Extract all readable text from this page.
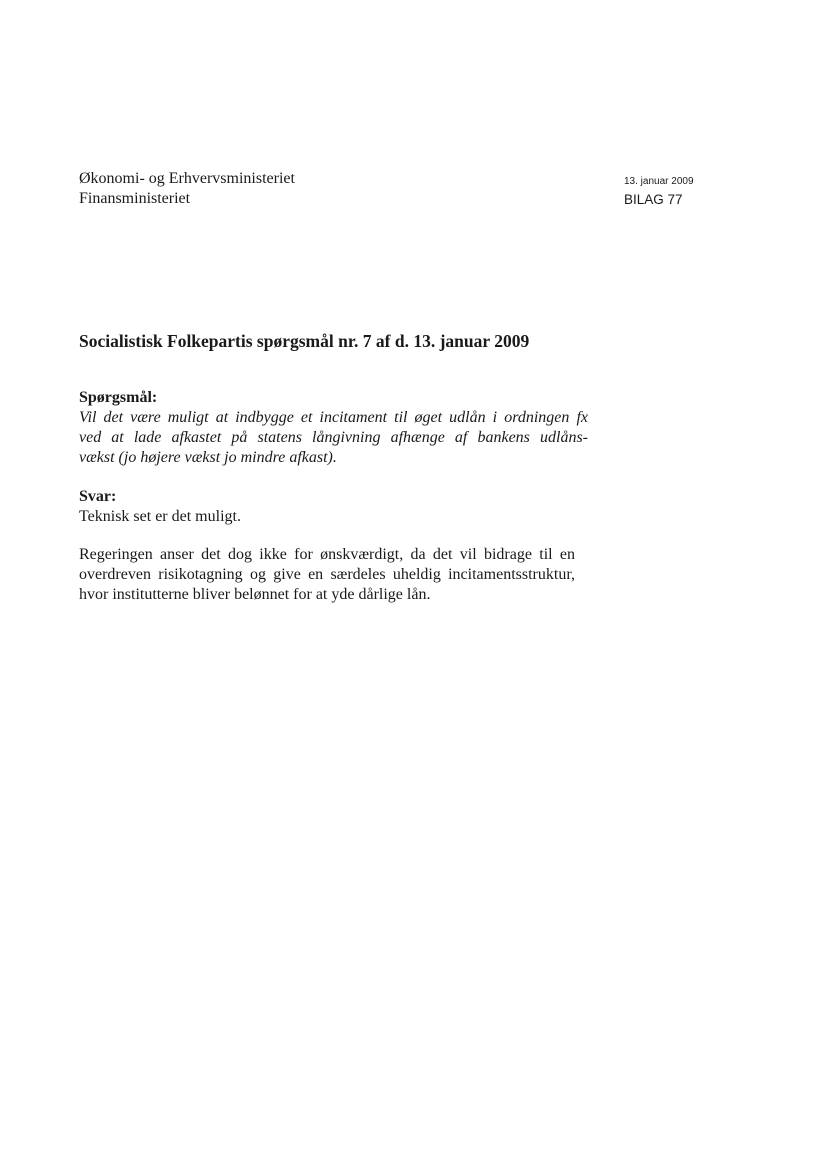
Økonomi- og Erhvervsministeriet
Finansministeriet
13. januar 2009
BILAG 77
Socialistisk Folkepartis spørgsmål nr. 7 af d. 13. januar 2009
Spørgsmål:
Vil det være muligt at indbygge et incitament til øget udlån i ordningen fx
ved at lade afkastet på statens långivning afhænge af bankens udlåns-
vækst (jo højere vækst jo mindre afkast).
Svar:
Teknisk set er det muligt.
Regeringen anser det dog ikke for ønskværdigt, da det vil bidrage til en
overdreven risikotagning og give en særdeles uheldig incitamentsstruktur,
hvor institutterne bliver belønnet for at yde dårlige lån.
